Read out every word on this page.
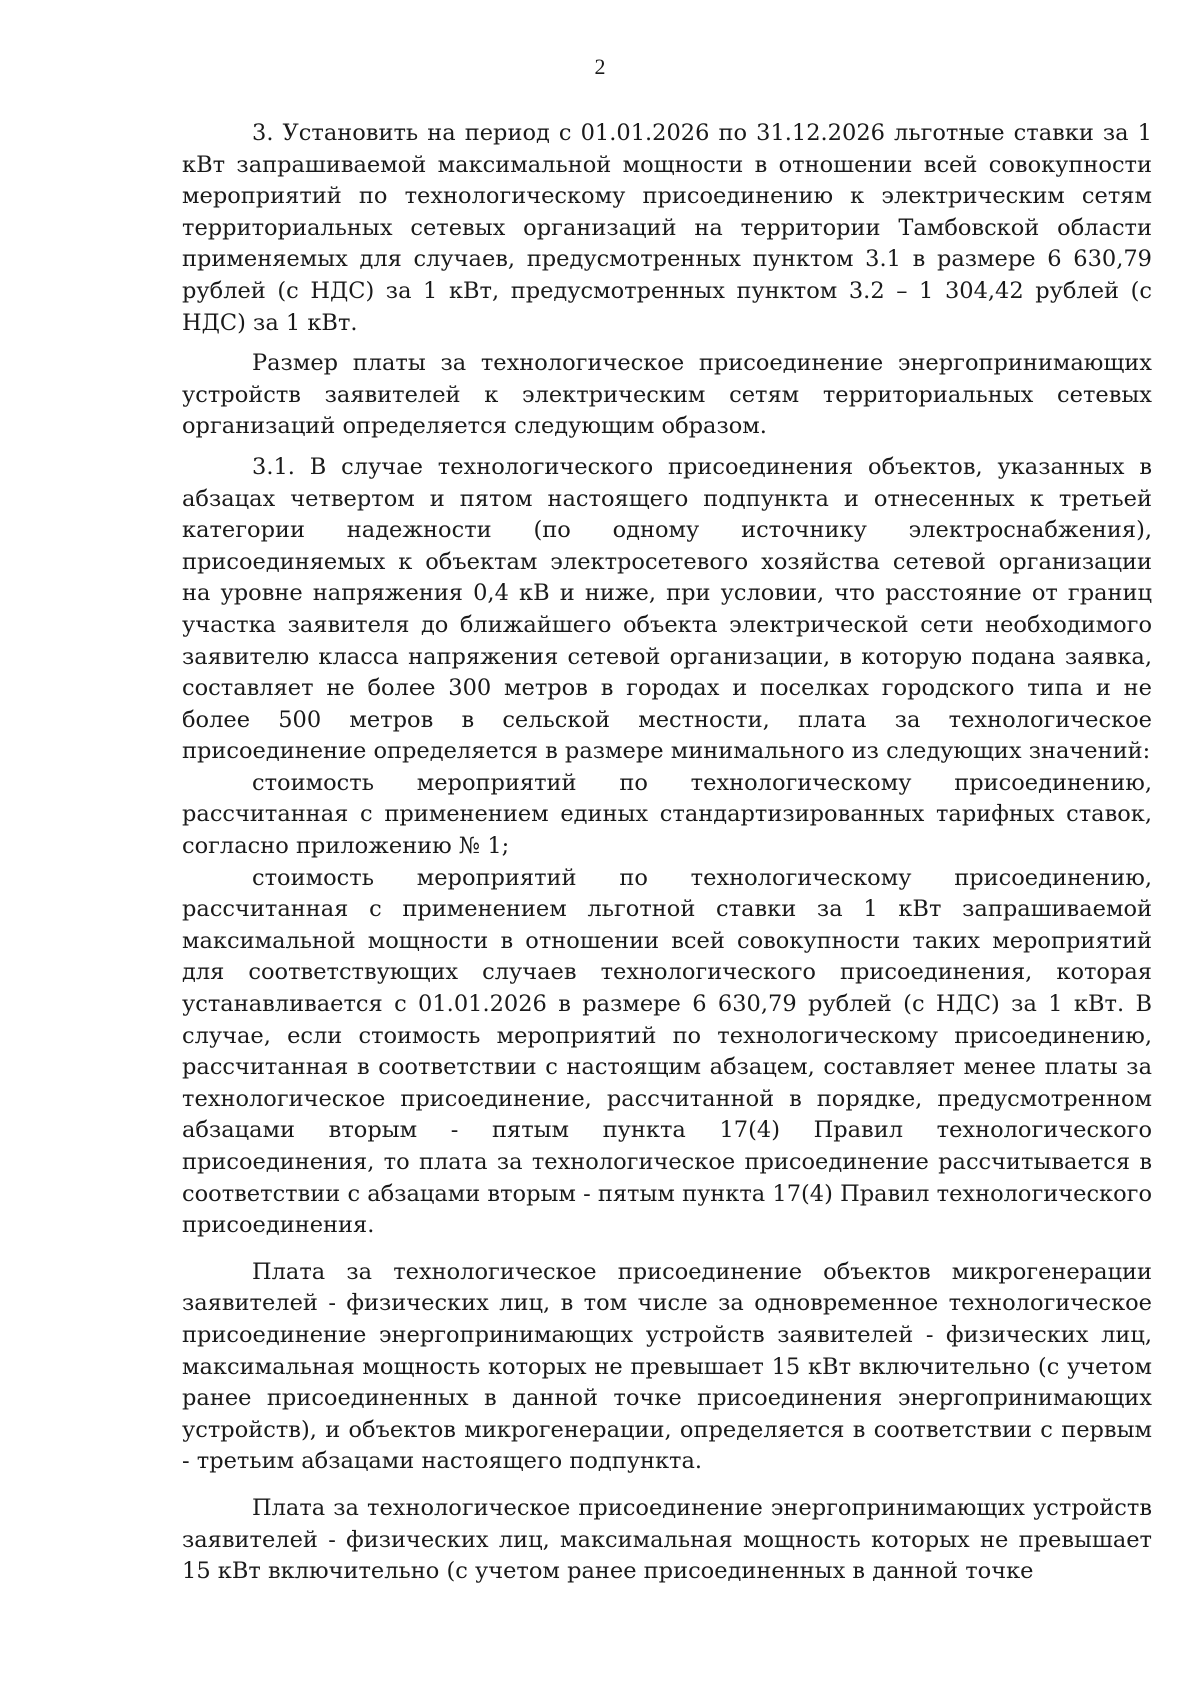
2

3. Установить на период с 01.01.2026 по 31.12.2026 льготные ставки за 1 кВт запрашиваемой максимальной мощности в отношении всей совокупности мероприятий по технологическому присоединению к электрическим сетям территориальных сетевых организаций на территории Тамбовской области применяемых для случаев, предусмотренных пунктом 3.1 в размере 6 630,79 рублей (с НДС) за 1 кВт, предусмотренных пунктом 3.2 – 1 304,42 рублей (с НДС) за 1 кВт.

Размер платы за технологическое присоединение энергопринимающих устройств заявителей к электрическим сетям территориальных сетевых организаций определяется следующим образом.

3.1. В случае технологического присоединения объектов, указанных в абзацах четвертом и пятом настоящего подпункта и отнесенных к третьей категории надежности (по одному источнику электроснабжения), присоединяемых к объектам электросетевого хозяйства сетевой организации на уровне напряжения 0,4 кВ и ниже, при условии, что расстояние от границ участка заявителя до ближайшего объекта электрической сети необходимого заявителю класса напряжения сетевой организации, в которую подана заявка, составляет не более 300 метров в городах и поселках городского типа и не более 500 метров в сельской местности, плата за технологическое присоединение определяется в размере минимального из следующих значений:

стоимость мероприятий по технологическому присоединению, рассчитанная с применением единых стандартизированных тарифных ставок, согласно приложению № 1;

стоимость мероприятий по технологическому присоединению, рассчитанная с применением льготной ставки за 1 кВт запрашиваемой максимальной мощности в отношении всей совокупности таких мероприятий для соответствующих случаев технологического присоединения, которая устанавливается с 01.01.2026 в размере 6 630,79 рублей (с НДС) за 1 кВт. В случае, если стоимость мероприятий по технологическому присоединению, рассчитанная в соответствии с настоящим абзацем, составляет менее платы за технологическое присоединение, рассчитанной в порядке, предусмотренном абзацами вторым - пятым пункта 17(4) Правил технологического присоединения, то плата за технологическое присоединение рассчитывается в соответствии с абзацами вторым - пятым пункта 17(4) Правил технологического присоединения.

Плата за технологическое присоединение объектов микрогенерации заявителей - физических лиц, в том числе за одновременное технологическое присоединение энергопринимающих устройств заявителей - физических лиц, максимальная мощность которых не превышает 15 кВт включительно (с учетом ранее присоединенных в данной точке присоединения энергопринимающих устройств), и объектов микрогенерации, определяется в соответствии с первым - третьим абзацами настоящего подпункта.

Плата за технологическое присоединение энергопринимающих устройств заявителей - физических лиц, максимальная мощность которых не превышает 15 кВт включительно (с учетом ранее присоединенных в данной точке
